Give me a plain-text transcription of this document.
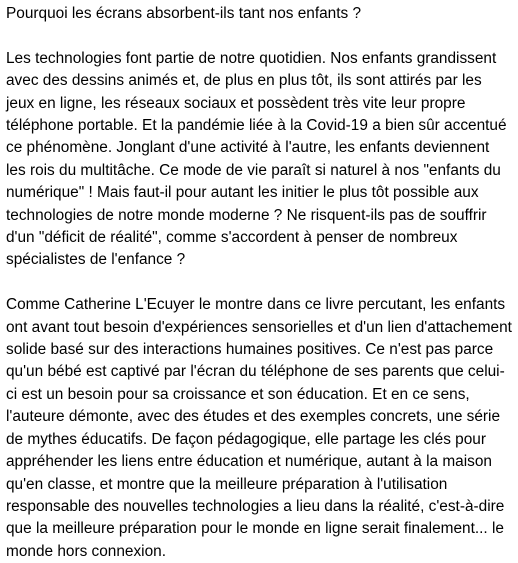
Pourquoi les écrans absorbent-ils tant nos enfants ?

Les technologies font partie de notre quotidien. Nos enfants grandissent avec des dessins animés et, de plus en plus tôt, ils sont attirés par les jeux en ligne, les réseaux sociaux et possèdent très vite leur propre téléphone portable. Et la pandémie liée à la Covid-19 a bien sûr accentué ce phénomène. Jonglant d'une activité à l'autre, les enfants deviennent les rois du multitâche. Ce mode de vie paraît si naturel à nos "enfants du numérique" ! Mais faut-il pour autant les initier le plus tôt possible aux technologies de notre monde moderne ? Ne risquent-ils pas de souffrir d'un "déficit de réalité", comme s'accordent à penser de nombreux spécialistes de l'enfance ?

Comme Catherine L'Ecuyer le montre dans ce livre percutant, les enfants ont avant tout besoin d'expériences sensorielles et d'un lien d'attachement solide basé sur des interactions humaines positives. Ce n'est pas parce qu'un bébé est captivé par l'écran du téléphone de ses parents que celui-ci est un besoin pour sa croissance et son éducation. Et en ce sens, l'auteure démonte, avec des études et des exemples concrets, une série de mythes éducatifs. De façon pédagogique, elle partage les clés pour appréhender les liens entre éducation et numérique, autant à la maison qu'en classe, et montre que la meilleure préparation à l'utilisation responsable des nouvelles technologies a lieu dans la réalité, c'est-à-dire que la meilleure préparation pour le monde en ligne serait finalement... le monde hors connexion.
